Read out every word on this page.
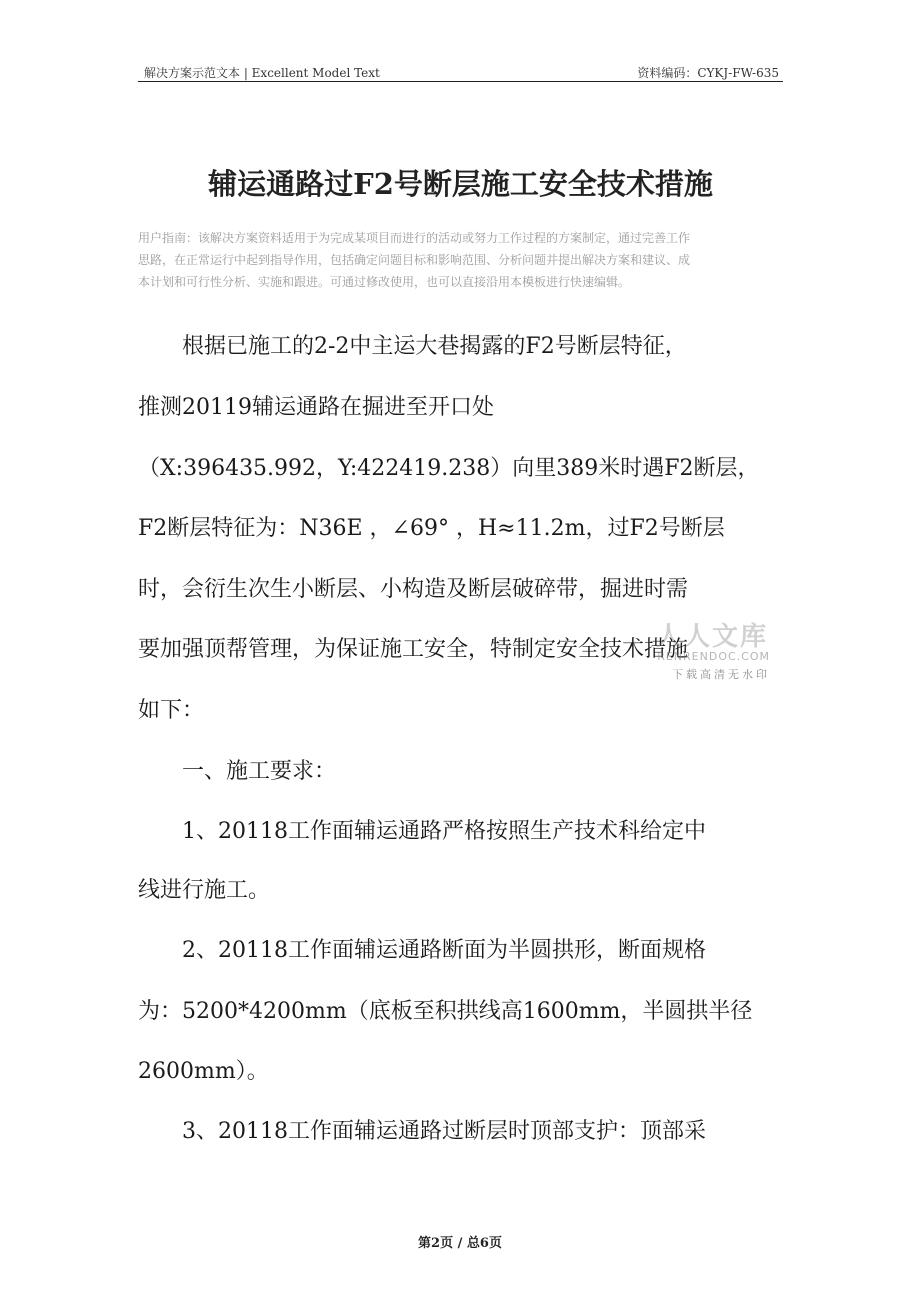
解决方案示范文本 | Excellent Model Text	资料编码：CYKJ-FW-635
辅运通路过F2号断层施工安全技术措施
用户指南：该解决方案资料适用于为完成某项目而进行的活动或努力工作过程的方案制定，通过完善工作
思路，在正常运行中起到指导作用，包括确定问题目标和影响范围、分析问题并提出解决方案和建议、成
本计划和可行性分析、实施和跟进。可通过修改使用，也可以直接沿用本模板进行快速编辑。
　　根据已施工的2-2中主运大巷揭露的F2号断层特征，
推测20119辅运通路在掘进至开口处
（X:396435.992，Y:422419.238）向里389米时遇F2断层，
F2断层特征为：N36E ，∠69° ，H≈11.2m，过F2号断层
时，会衍生次生小断层、小构造及断层破碎带，掘进时需
要加强顶帮管理，为保证施工安全，特制定安全技术措施
如下：
　　一、施工要求：
　　1、20118工作面辅运通路严格按照生产技术科给定中
线进行施工。
　　2、20118工作面辅运通路断面为半圆拱形，断面规格
为：5200*4200mm（底板至积拱线高1600mm，半圆拱半径
2600mm）。
　　3、20118工作面辅运通路过断层时顶部支护：顶部采
人人文库
RENRENDOC.COM
下载高清无水印
第2页 / 总6页
